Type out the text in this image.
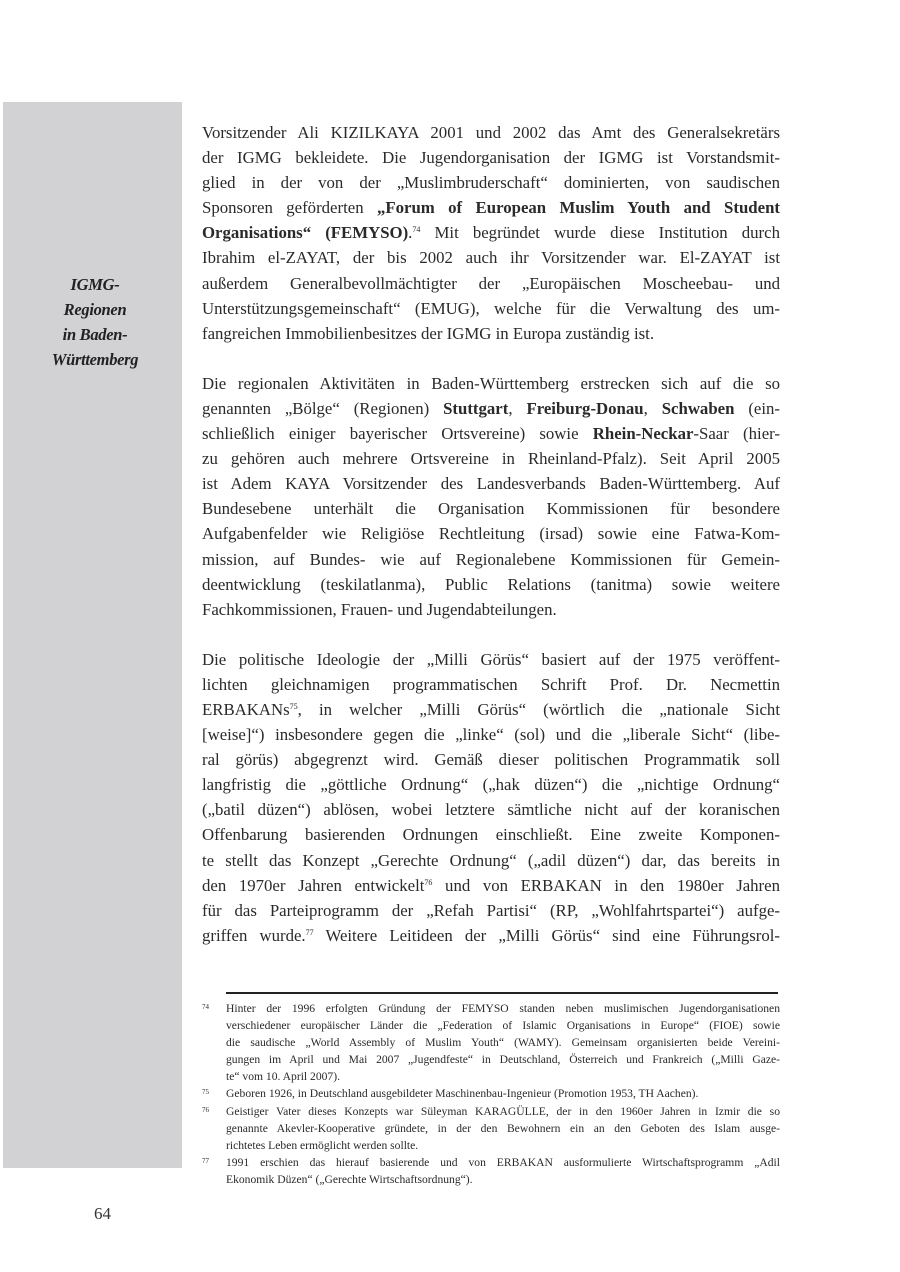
IGMG-
Regionen
in Baden-
Württemberg

Vorsitzender Ali KIZILKAYA 2001 und 2002 das Amt des Generalsekretärs
der IGMG bekleidete. Die Jugendorganisation der IGMG ist Vorstandsmit-
glied in der von der „Muslimbruderschaft“ dominierten, von saudischen
Sponsoren geförderten „Forum of European Muslim Youth and Student
Organisations“ (FEMYSO).$^{74}$ Mit begründet wurde diese Institution durch
Ibrahim el-ZAYAT, der bis 2002 auch ihr Vorsitzender war. El-ZAYAT ist
außerdem Generalbevollmächtigter der „Europäischen Moscheebau- und
Unterstützungsgemeinschaft“ (EMUG), welche für die Verwaltung des um-
fangreichen Immobilienbesitzes der IGMG in Europa zuständig ist.

Die regionalen Aktivitäten in Baden-Württemberg erstrecken sich auf die so
genannten „Bölge“ (Regionen) Stuttgart, Freiburg-Donau, Schwaben (ein-
schließlich einiger bayerischer Ortsvereine) sowie Rhein-Neckar-Saar (hier-
zu gehören auch mehrere Ortsvereine in Rheinland-Pfalz). Seit April 2005
ist Adem KAYA Vorsitzender des Landesverbands Baden-Württemberg. Auf
Bundesebene unterhält die Organisation Kommissionen für besondere
Aufgabenfelder wie Religiöse Rechtleitung (irsad) sowie eine Fatwa-Kom-
mission, auf Bundes- wie auf Regionalebene Kommissionen für Gemein-
deentwicklung (teskilatlanma), Public Relations (tanitma) sowie weitere
Fachkommissionen, Frauen- und Jugendabteilungen.

Die politische Ideologie der „Milli Görüs“ basiert auf der 1975 veröffent-
lichten gleichnamigen programmatischen Schrift Prof. Dr. Necmettin
ERBAKANs$^{75}$, in welcher „Milli Görüs“ (wörtlich die „nationale Sicht
[weise]“) insbesondere gegen die „linke“ (sol) und die „liberale Sicht“ (libe-
ral görüs) abgegrenzt wird. Gemäß dieser politischen Programmatik soll
langfristig die „göttliche Ordnung“ („hak düzen“) die „nichtige Ordnung“
(„batil düzen“) ablösen, wobei letztere sämtliche nicht auf der koranischen
Offenbarung basierenden Ordnungen einschließt. Eine zweite Komponen-
te stellt das Konzept „Gerechte Ordnung“ („adil düzen“) dar, das bereits in
den 1970er Jahren entwickelt$^{76}$ und von ERBAKAN in den 1980er Jahren
für das Parteiprogramm der „Refah Partisi“ (RP, „Wohlfahrtspartei“) aufge-
griffen wurde.$^{77}$ Weitere Leitideen der „Milli Görüs“ sind eine Führungsrol-

74 Hinter der 1996 erfolgten Gründung der FEMYSO standen neben muslimischen Jugendorganisationen
verschiedener europäischer Länder die „Federation of Islamic Organisations in Europe“ (FIOE) sowie
die saudische „World Assembly of Muslim Youth“ (WAMY). Gemeinsam organisierten beide Vereini-
gungen im April und Mai 2007 „Jugendfeste“ in Deutschland, Österreich und Frankreich („Milli Gaze-
te“ vom 10. April 2007).
75 Geboren 1926, in Deutschland ausgebildeter Maschinenbau-Ingenieur (Promotion 1953, TH Aachen).
76 Geistiger Vater dieses Konzepts war Süleyman KARAGÜLLE, der in den 1960er Jahren in Izmir die so
genannte Akevler-Kooperative gründete, in der den Bewohnern ein an den Geboten des Islam ausge-
richtetes Leben ermöglicht werden sollte.
77 1991 erschien das hierauf basierende und von ERBAKAN ausformulierte Wirtschaftsprogramm „Adil
Ekonomik Düzen“ („Gerechte Wirtschaftsordnung“).
64
